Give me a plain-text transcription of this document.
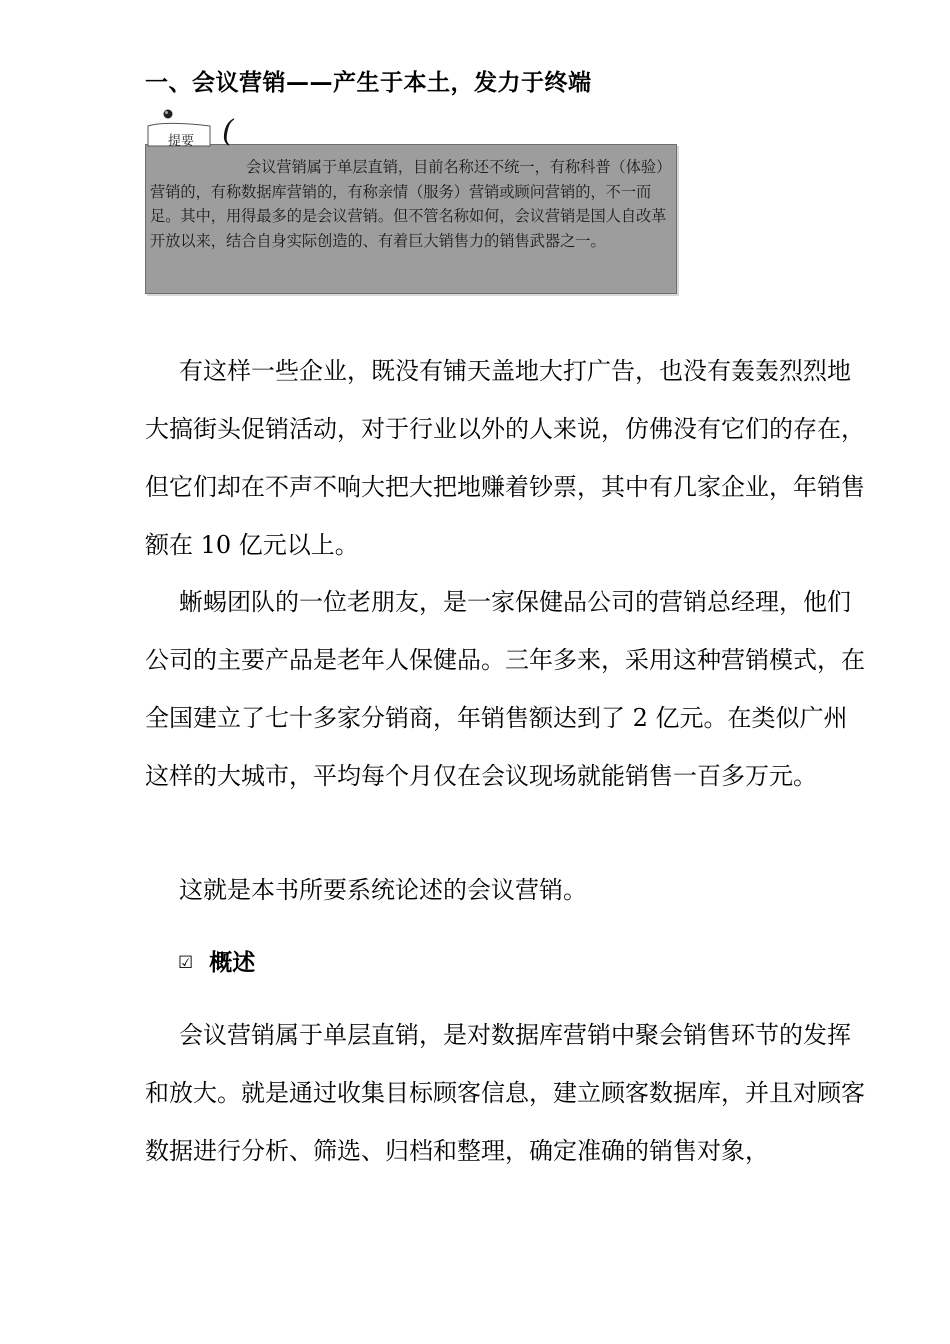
一、会议营销——产生于本土，发力于终端
会议营销属于单层直销，目前名称还不统一，有称科普（体验）营销的，有称数据库营销的，有称亲情（服务）营销或顾问营销的，不一而足。其中，用得最多的是会议营销。但不管名称如何，会议营销是国人自改革开放以来，结合自身实际创造的、有着巨大销售力的销售武器之一。
提要 (

有这样一些企业，既没有铺天盖地大打广告，也没有轰轰烈烈地大搞街头促销活动，对于行业以外的人来说，仿佛没有它们的存在，但它们却在不声不响大把大把地赚着钞票，其中有几家企业，年销售额在 10 亿元以上。

蜥蜴团队的一位老朋友，是一家保健品公司的营销总经理，他们公司的主要产品是老年人保健品。三年多来，采用这种营销模式，在全国建立了七十多家分销商，年销售额达到了 2 亿元。在类似广州这样的大城市，平均每个月仅在会议现场就能销售一百多万元。

这就是本书所要系统论述的会议营销。

☑ 概述

会议营销属于单层直销，是对数据库营销中聚会销售环节的发挥和放大。就是通过收集目标顾客信息，建立顾客数据库，并且对顾客数据进行分析、筛选、归档和整理，确定准确的销售对象，
